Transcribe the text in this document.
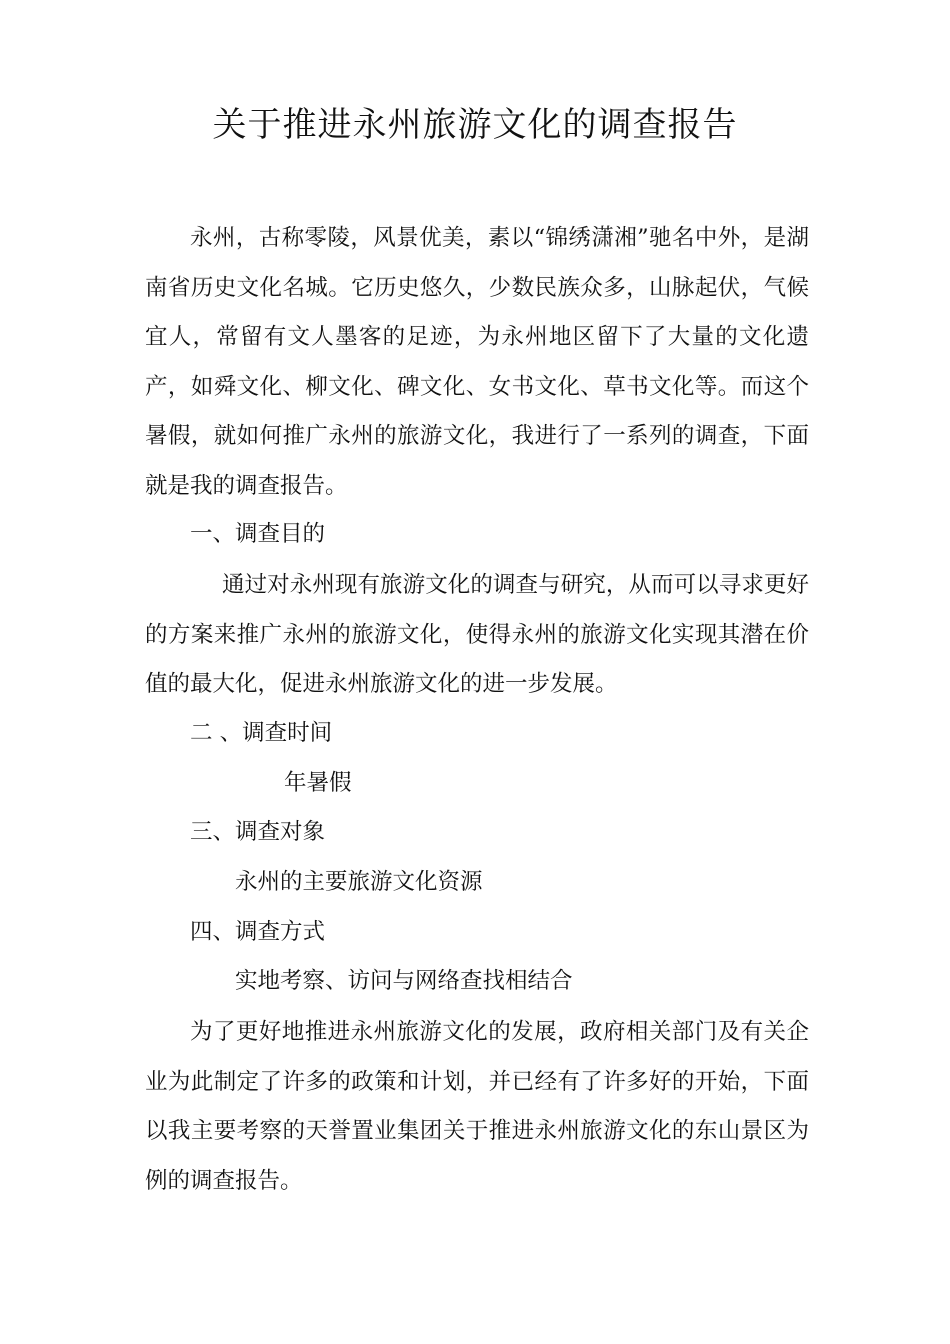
关于推进永州旅游文化的调查报告

永州，古称零陵，风景优美，素以“锦绣潇湘”驰名中外，是湖南省历史文化名城。它历史悠久，少数民族众多，山脉起伏，气候宜人，常留有文人墨客的足迹，为永州地区留下了大量的文化遗产，如舜文化、柳文化、碑文化、女书文化、草书文化等。而这个暑假，就如何推广永州的旅游文化，我进行了一系列的调查，下面就是我的调查报告。

一、调查目的

通过对永州现有旅游文化的调查与研究，从而可以寻求更好的方案来推广永州的旅游文化，使得永州的旅游文化实现其潜在价值的最大化，促进永州旅游文化的进一步发展。

二 、调查时间
年暑假
三、调查对象
永州的主要旅游文化资源
四、调查方式
实地考察、访问与网络查找相结合

为了更好地推进永州旅游文化的发展，政府相关部门及有关企业为此制定了许多的政策和计划，并已经有了许多好的开始，下面以我主要考察的天誉置业集团关于推进永州旅游文化的东山景区为例的调查报告。
